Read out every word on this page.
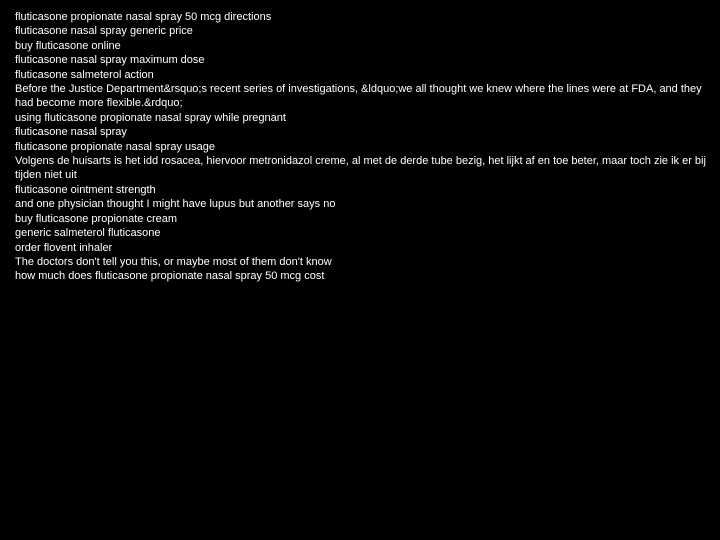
fluticasone propionate nasal spray 50 mcg directions
fluticasone nasal spray generic price
buy fluticasone online
fluticasone nasal spray maximum dose
fluticasone salmeterol action
Before the Justice Department&rsquo;s recent series of investigations, &ldquo;we all thought we knew where the lines were at FDA, and they had become more flexible.&rdquo;
using fluticasone propionate nasal spray while pregnant
fluticasone nasal spray
fluticasone propionate nasal spray usage
Volgens de huisarts is het idd rosacea, hiervoor metronidazol creme, al met de derde tube bezig, het lijkt af en toe beter, maar toch zie ik er bij tijden niet uit
fluticasone ointment strength
and one physician thought I might have lupus but another says no
buy fluticasone propionate cream
generic salmeterol fluticasone
order flovent inhaler
The doctors don't tell you this, or maybe most of them don't know
how much does fluticasone propionate nasal spray 50 mcg cost
